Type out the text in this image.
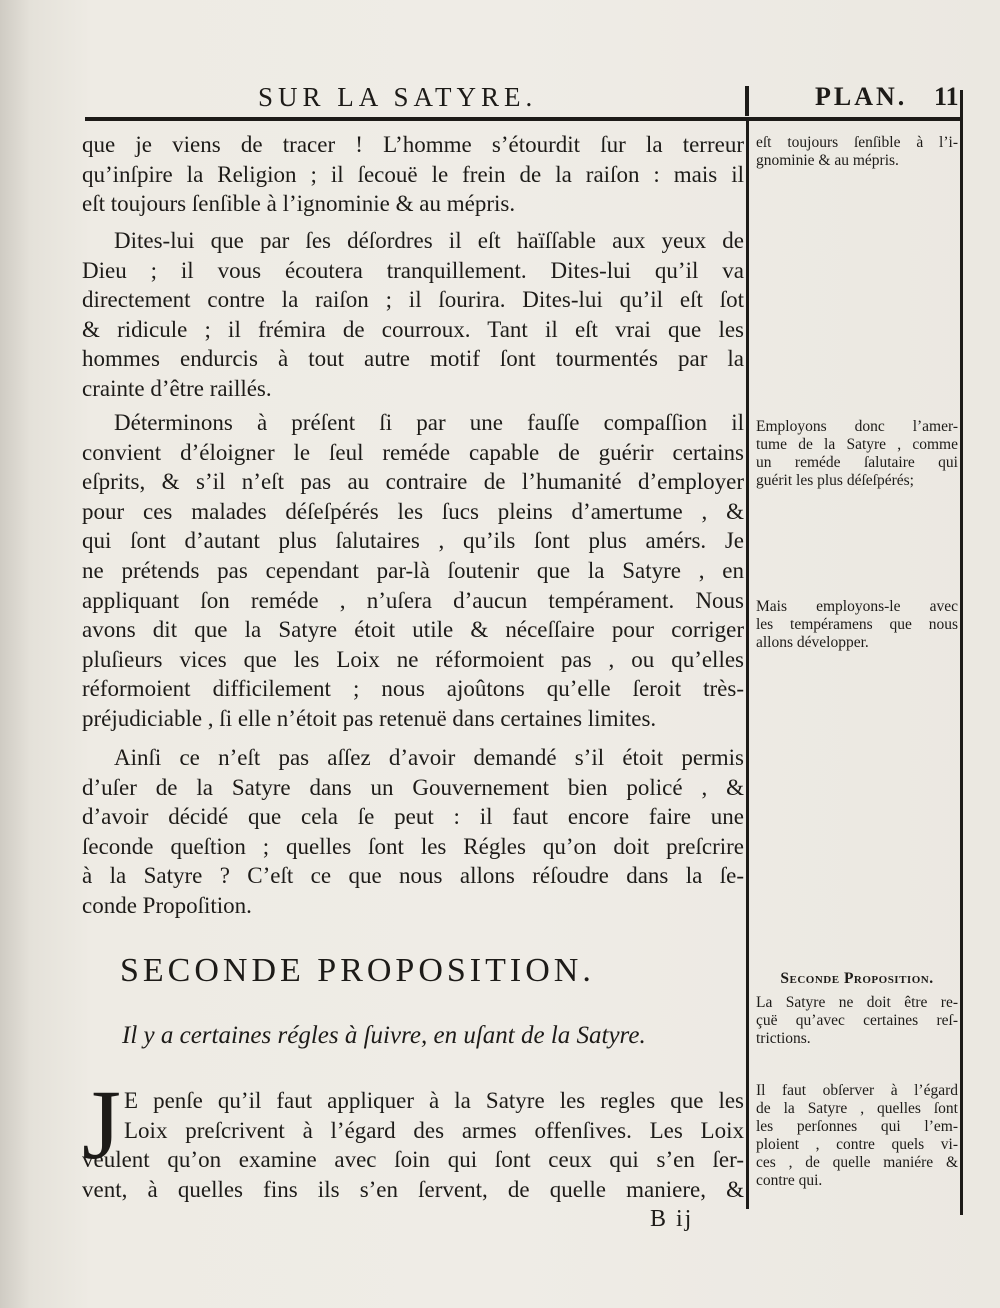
SUR LA SATYRE.	PLAN. 11
que je viens de tracer ! L’homme s’étourdit ſur la terreur
qu’inſpire la Religion ; il ſecouë le frein de la raiſon : mais il
eſt toujours ſenſible à l’ignominie & au mépris.
Dites-lui que par ſes déſordres il eſt haïſſable aux yeux de
Dieu ; il vous écoutera tranquillement. Dites-lui qu’il va
directement contre la raiſon ; il ſourira. Dites-lui qu’il eſt ſot
& ridicule ; il frémira de courroux. Tant il eſt vrai que les
hommes endurcis à tout autre motif ſont tourmentés par la
crainte d’être raillés.
Déterminons à préſent ſi par une fauſſe compaſſion il
convient d’éloigner le ſeul reméde capable de guérir certains
eſprits, & s’il n’eſt pas au contraire de l’humanité d’employer
pour ces malades déſeſpérés les ſucs pleins d’amertume , &
qui ſont d’autant plus ſalutaires , qu’ils ſont plus amérs. Je
ne prétends pas cependant par-là ſoutenir que la Satyre , en
appliquant ſon reméde , n’uſera d’aucun tempérament. Nous
avons dit que la Satyre étoit utile & néceſſaire pour corriger
pluſieurs vices que les Loix ne réformoient pas , ou qu’elles
réformoient difficilement ; nous ajoûtons qu’elle ſeroit très-
préjudiciable , ſi elle n’étoit pas retenuë dans certaines limites.
Ainſi ce n’eſt pas aſſez d’avoir demandé s’il étoit permis
d’uſer de la Satyre dans un Gouvernement bien policé , &
d’avoir décidé que cela ſe peut : il faut encore faire une
ſeconde queſtion ; quelles ſont les Régles qu’on doit preſcrire
à la Satyre ? C’eſt ce que nous allons réſoudre dans la ſe-
conde Propoſition.
SECONDE PROPOSITION.
Il y a certaines régles à ſuivre, en uſant de la Satyre.
J E penſe qu’il faut appliquer à la Satyre les regles que les
Loix preſcrivent à l’égard des armes offenſives. Les Loix
veulent qu’on examine avec ſoin qui ſont ceux qui s’en ſer-
vent, à quelles fins ils s’en ſervent, de quelle maniere, &
B ij
eſt toujours ſenſible à l’i-
gnominie & au mépris.
Employons donc l’amer-
tume de la Satyre , comme
un reméde ſalutaire qui
guérit les plus déſeſpérés;
Mais employons-le avec
les tempéramens que nous
allons développer.
Seconde Proposition.
La Satyre ne doit être re-
çuë qu’avec certaines reſ-
trictions.
Il faut obſerver à l’égard
de la Satyre , quelles ſont
les perſonnes qui l’em-
ploient , contre quels vi-
ces , de quelle maniére &
contre qui.
